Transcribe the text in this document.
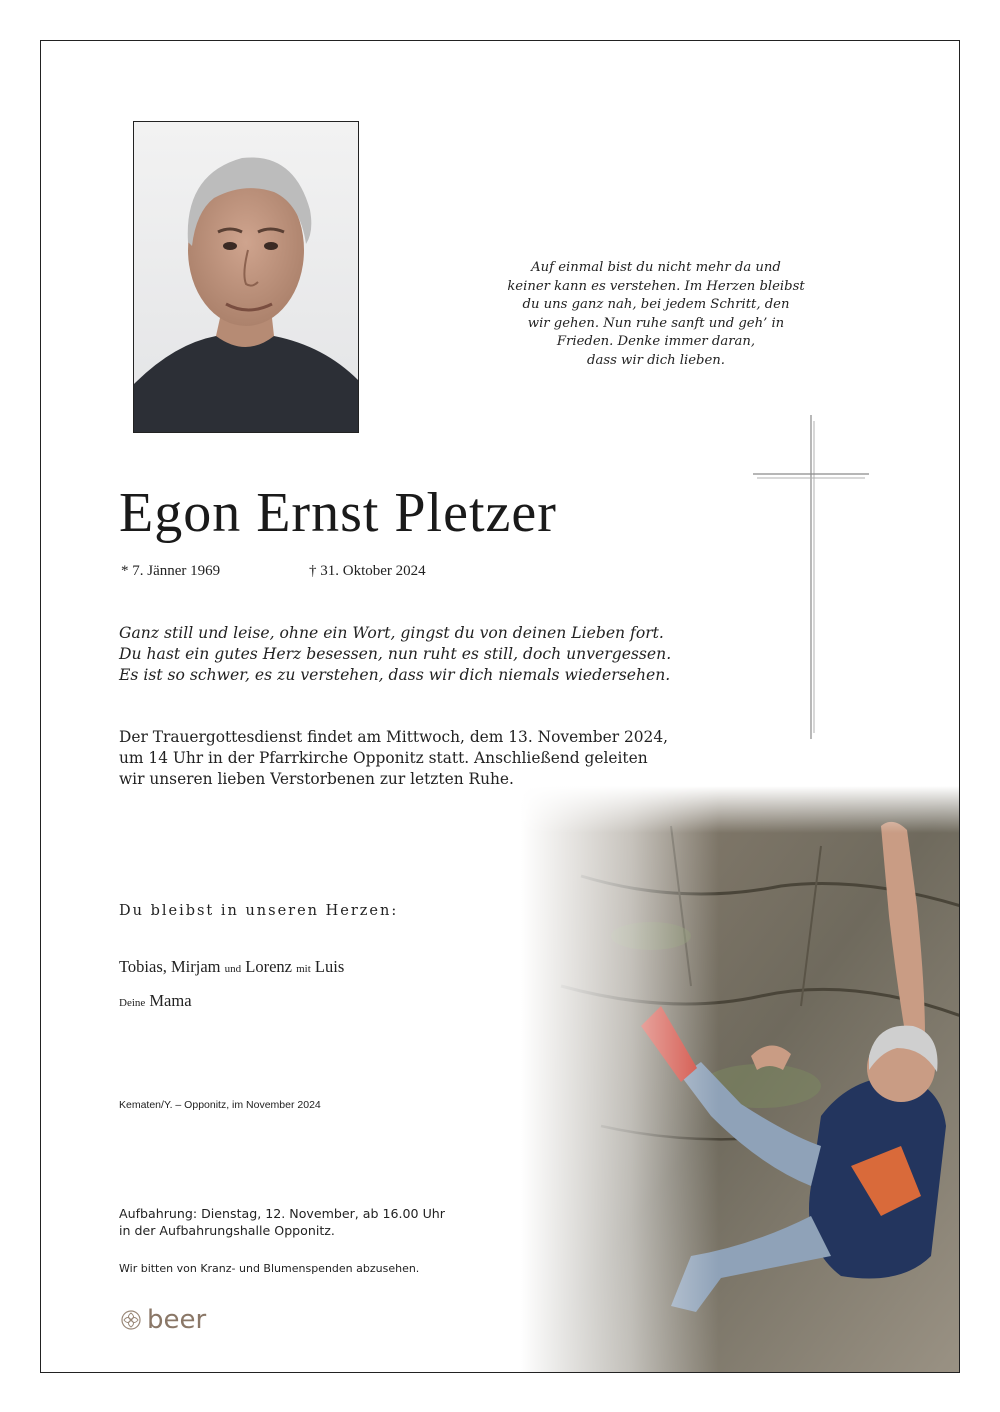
Auf einmal bist du nicht mehr da und
keiner kann es verstehen. Im Herzen bleibst
du uns ganz nah, bei jedem Schritt, den
wir gehen. Nun ruhe sanft und geh’ in
Frieden. Denke immer daran,
dass wir dich lieben.
Egon Ernst Pletzer
* 7. Jänner 1969	† 31. Oktober 2024
Ganz still und leise, ohne ein Wort, gingst du von deinen Lieben fort.
Du hast ein gutes Herz besessen, nun ruht es still, doch unvergessen.
Es ist so schwer, es zu verstehen, dass wir dich niemals wiedersehen.
Der Trauergottesdienst findet am Mittwoch, dem 13. November 2024,
um 14 Uhr in der Pfarrkirche Opponitz statt. Anschließend geleiten
wir unseren lieben Verstorbenen zur letzten Ruhe.
Du bleibst in unseren Herzen:
Tobias, Mirjam und Lorenz mit Luis
Deine Mama
Kematen/Y. – Opponitz, im November 2024
Aufbahrung: Dienstag, 12. November, ab 16.00 Uhr
in der Aufbahrungshalle Opponitz.
Wir bitten von Kranz- und Blumenspenden abzusehen.
beer
